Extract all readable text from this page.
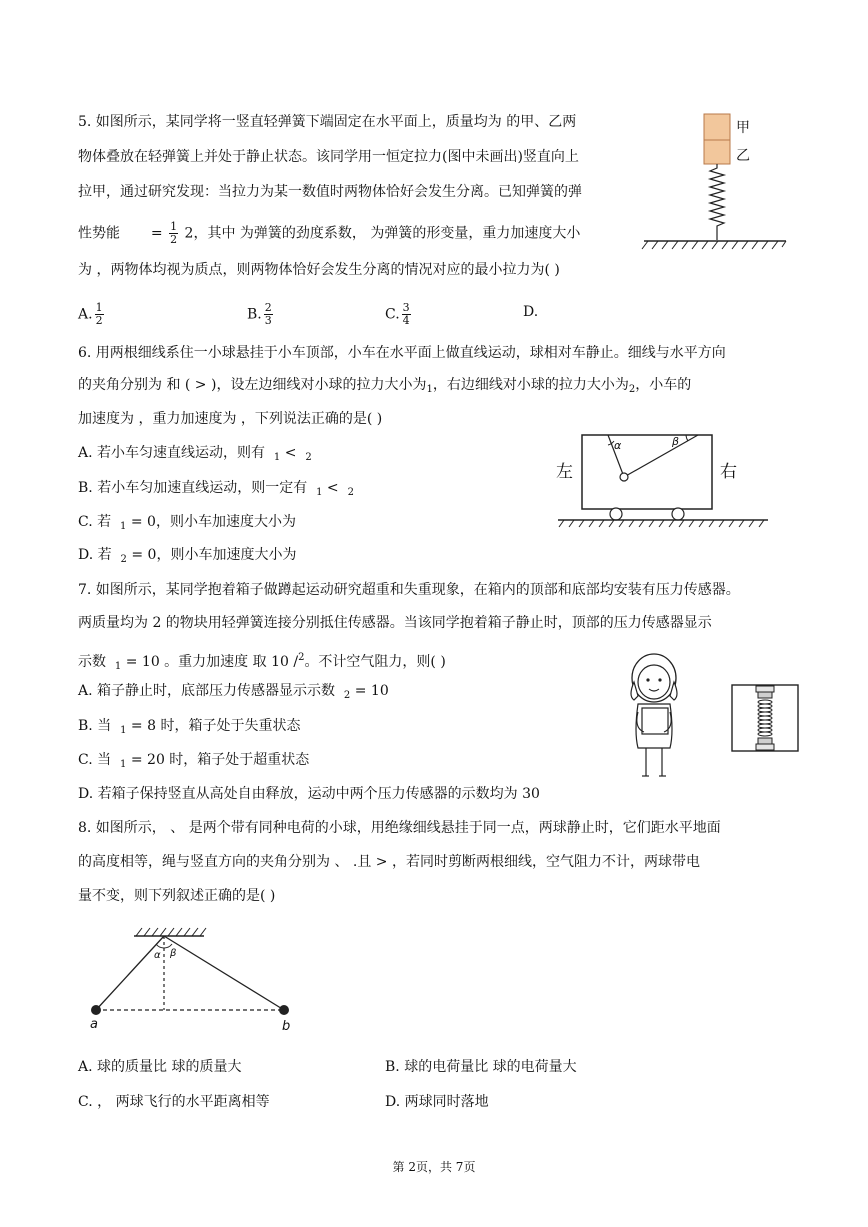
5. 如图所示，某同学将一竖直轻弹簧下端固定在水平面上，质量均为 的甲、乙两
物体叠放在轻弹簧上并处于静止状态。该同学用一恒定拉力(图中未画出)竖直向上
拉甲，通过研究发现：当拉力为某一数值时两物体恰好会发生分离。已知弹簧的弹
性势能 = $\frac{1}{2} 2$，其中 为弹簧的劲度系数， 为弹簧的形变量，重力加速度大小
为 ，两物体均视为质点，则两物体恰好会发生分离的情况对应的最小拉力为( )
A. $\frac{1}{2}$	B. $\frac{2}{3}$	C. $\frac{3}{4}$	D.
甲
乙
6. 用两根细线系住一小球悬挂于小车顶部，小车在水平面上做直线运动，球相对车静止。细线与水平方向
的夹角分别为 和 ( > )，设左边细线对小球的拉力大小为$_1$，右边细线对小球的拉力大小为$_2$，小车的
加速度为 ，重力加速度为 ，下列说法正确的是( )
A. 若小车匀速直线运动，则有 $_1$ < $_2$
B. 若小车匀加速直线运动，则一定有 $_1$ < $_2$
C. 若 $_1$ = 0，则小车加速度大小为
D. 若 $_2$ = 0，则小车加速度大小为
左	右
α	β
7. 如图所示，某同学抱着箱子做蹲起运动研究超重和失重现象，在箱内的顶部和底部均安装有压力传感器。
两质量均为 2 的物块用轻弹簧连接分别抵住传感器。当该同学抱着箱子静止时，顶部的压力传感器显示
示数 $_1$ = 10 。重力加速度 取 10 /$^2$。不计空气阻力，则( )
A. 箱子静止时，底部压力传感器显示示数 $_2$ = 10
B. 当 $_1$ = 8 时，箱子处于失重状态
C. 当 $_1$ = 20 时，箱子处于超重状态
D. 若箱子保持竖直从高处自由释放，运动中两个压力传感器的示数均为 30
8. 如图所示， 、 是两个带有同种电荷的小球，用绝缘细线悬挂于同一点，两球静止时，它们距水平地面
的高度相等，绳与竖直方向的夹角分别为 、 .且 > ，若同时剪断两根细线，空气阻力不计，两球带电
量不变，则下列叙述正确的是( )
α β
a	b
A. 球的质量比 球的质量大	B. 球的电荷量比 球的电荷量大
C. ， 两球飞行的水平距离相等	D. 两球同时落地
第 2页，共 7页
